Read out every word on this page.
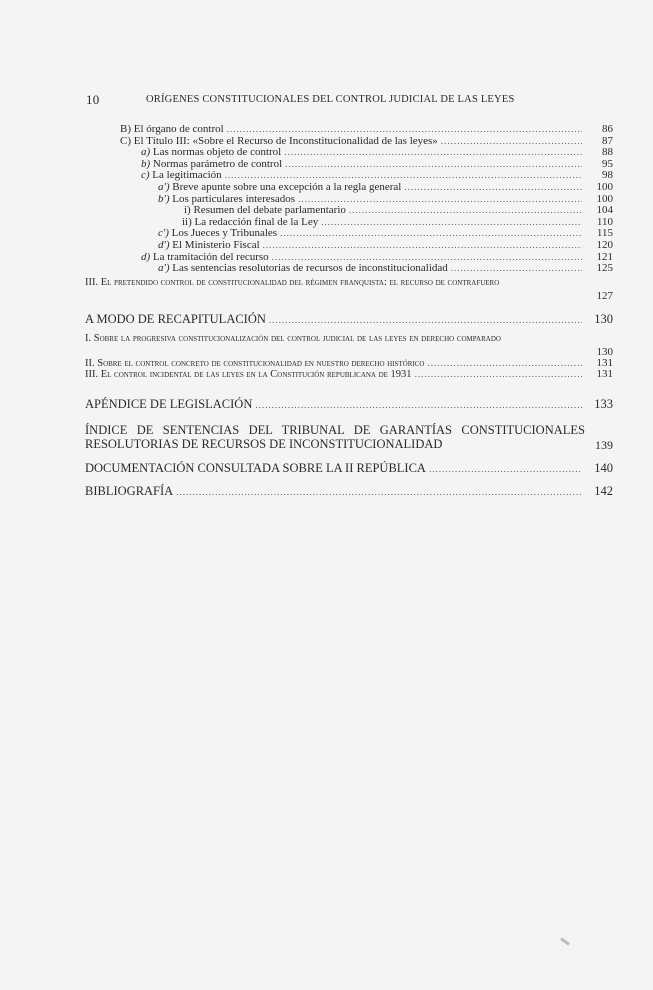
10	ORÍGENES CONSTITUCIONALES DEL CONTROL JUDICIAL DE LAS LEYES

B) El órgano de control .....	86
C) El Título III: «Sobre el Recurso de Inconstitucionalidad de las leyes» .....	87
a) Las normas objeto de control .....	88
b) Normas parámetro de control .....	95
c) La legitimación .....	98
a') Breve apunte sobre una excepción a la regla general .....	100
b') Los particulares interesados .....	100
i) Resumen del debate parlamentario .....	104
ii) La redacción final de la Ley .....	110
c') Los Jueces y Tribunales .....	115
d') El Ministerio Fiscal .....	120
d) La tramitación del recurso .....	121
a') Las sentencias resolutorias de recursos de inconstitucionalidad .....	125
III. El pretendido control de constitucionalidad del régimen franquista: el recurso de contrafuero
127
A MODO DE RECAPITULACIÓN .....	130
I. Sobre la progresiva constitucionalización del control judicial de las leyes en derecho comparado
130
II. Sobre el control concreto de constitucionalidad en nuestro derecho histórico .....	131
III. El control incidental de las leyes en la Constitución republicana de 1931 .....	131
APÉNDICE DE LEGISLACIÓN .....	133
ÍNDICE DE SENTENCIAS DEL TRIBUNAL DE GARANTÍAS CONSTITUCIONALES RESOLUTORIAS DE RECURSOS DE INCONSTITUCIONALIDAD	139
DOCUMENTACIÓN CONSULTADA SOBRE LA II REPÚBLICA .....	140
BIBLIOGRAFÍA .....	142
